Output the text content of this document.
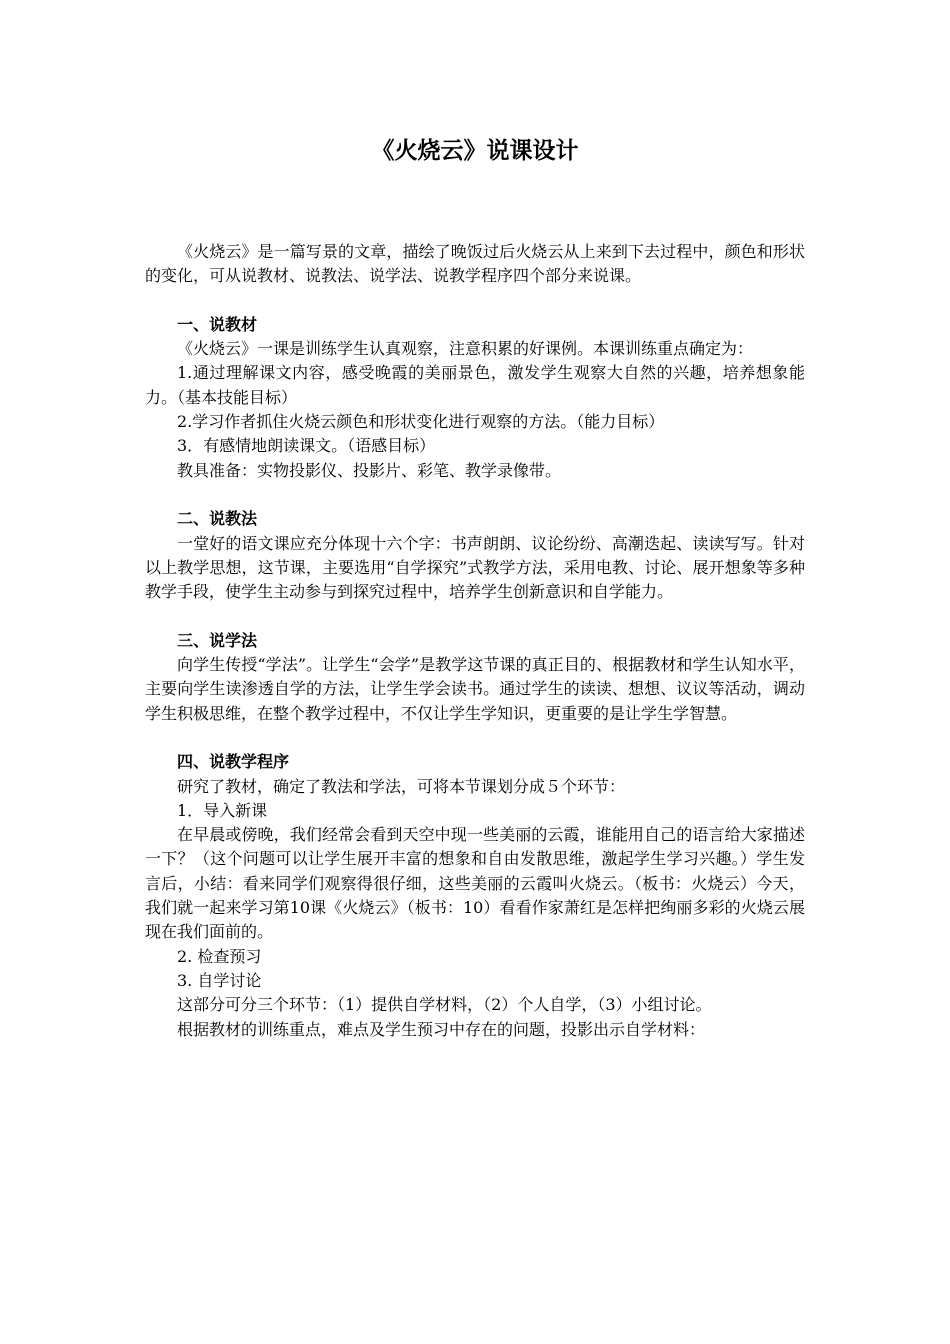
《火烧云》说课设计

《火烧云》是一篇写景的文章，描绘了晚饭过后火烧云从上来到下去过程中，颜色和形状的变化，可从说教材、说教法、说学法、说教学程序四个部分来说课。

一、说教材

《火烧云》一课是训练学生认真观察，注意积累的好课例。本课训练重点确定为：

1.通过理解课文内容，感受晚霞的美丽景色，激发学生观察大自然的兴趣，培养想象能力。（基本技能目标）

2.学习作者抓住火烧云颜色和形状变化进行观察的方法。（能力目标）

3．有感情地朗读课文。（语感目标）

教具准备：实物投影仪、投影片、彩笔、教学录像带。

二、说教法

一堂好的语文课应充分体现十六个字：书声朗朗、议论纷纷、高潮迭起、读读写写。针对以上教学思想，这节课，主要选用“自学探究”式教学方法，采用电教、讨论、展开想象等多种教学手段，使学生主动参与到探究过程中，培养学生创新意识和自学能力。

三、说学法

向学生传授“学法”。让学生“会学”是教学这节课的真正目的、根据教材和学生认知水平，主要向学生读渗透自学的方法，让学生学会读书。通过学生的读读、想想、议议等活动，调动学生积极思维，在整个教学过程中，不仅让学生学知识，更重要的是让学生学智慧。

四、说教学程序

研究了教材，确定了教法和学法，可将本节课划分成５个环节：

1．导入新课

在早晨或傍晚，我们经常会看到天空中现一些美丽的云霞，谁能用自己的语言给大家描述一下？（这个问题可以让学生展开丰富的想象和自由发散思维，激起学生学习兴趣。）学生发言后，小结：看来同学们观察得很仔细，这些美丽的云霞叫火烧云。（板书：火烧云）今天，我们就一起来学习第10课《火烧云》（板书：10）看看作家萧红是怎样把绚丽多彩的火烧云展现在我们面前的。

2. 检查预习

3. 自学讨论

这部分可分三个环节：（1）提供自学材料，（2）个人自学，（3）小组讨论。

根据教材的训练重点，难点及学生预习中存在的问题，投影出示自学材料：
